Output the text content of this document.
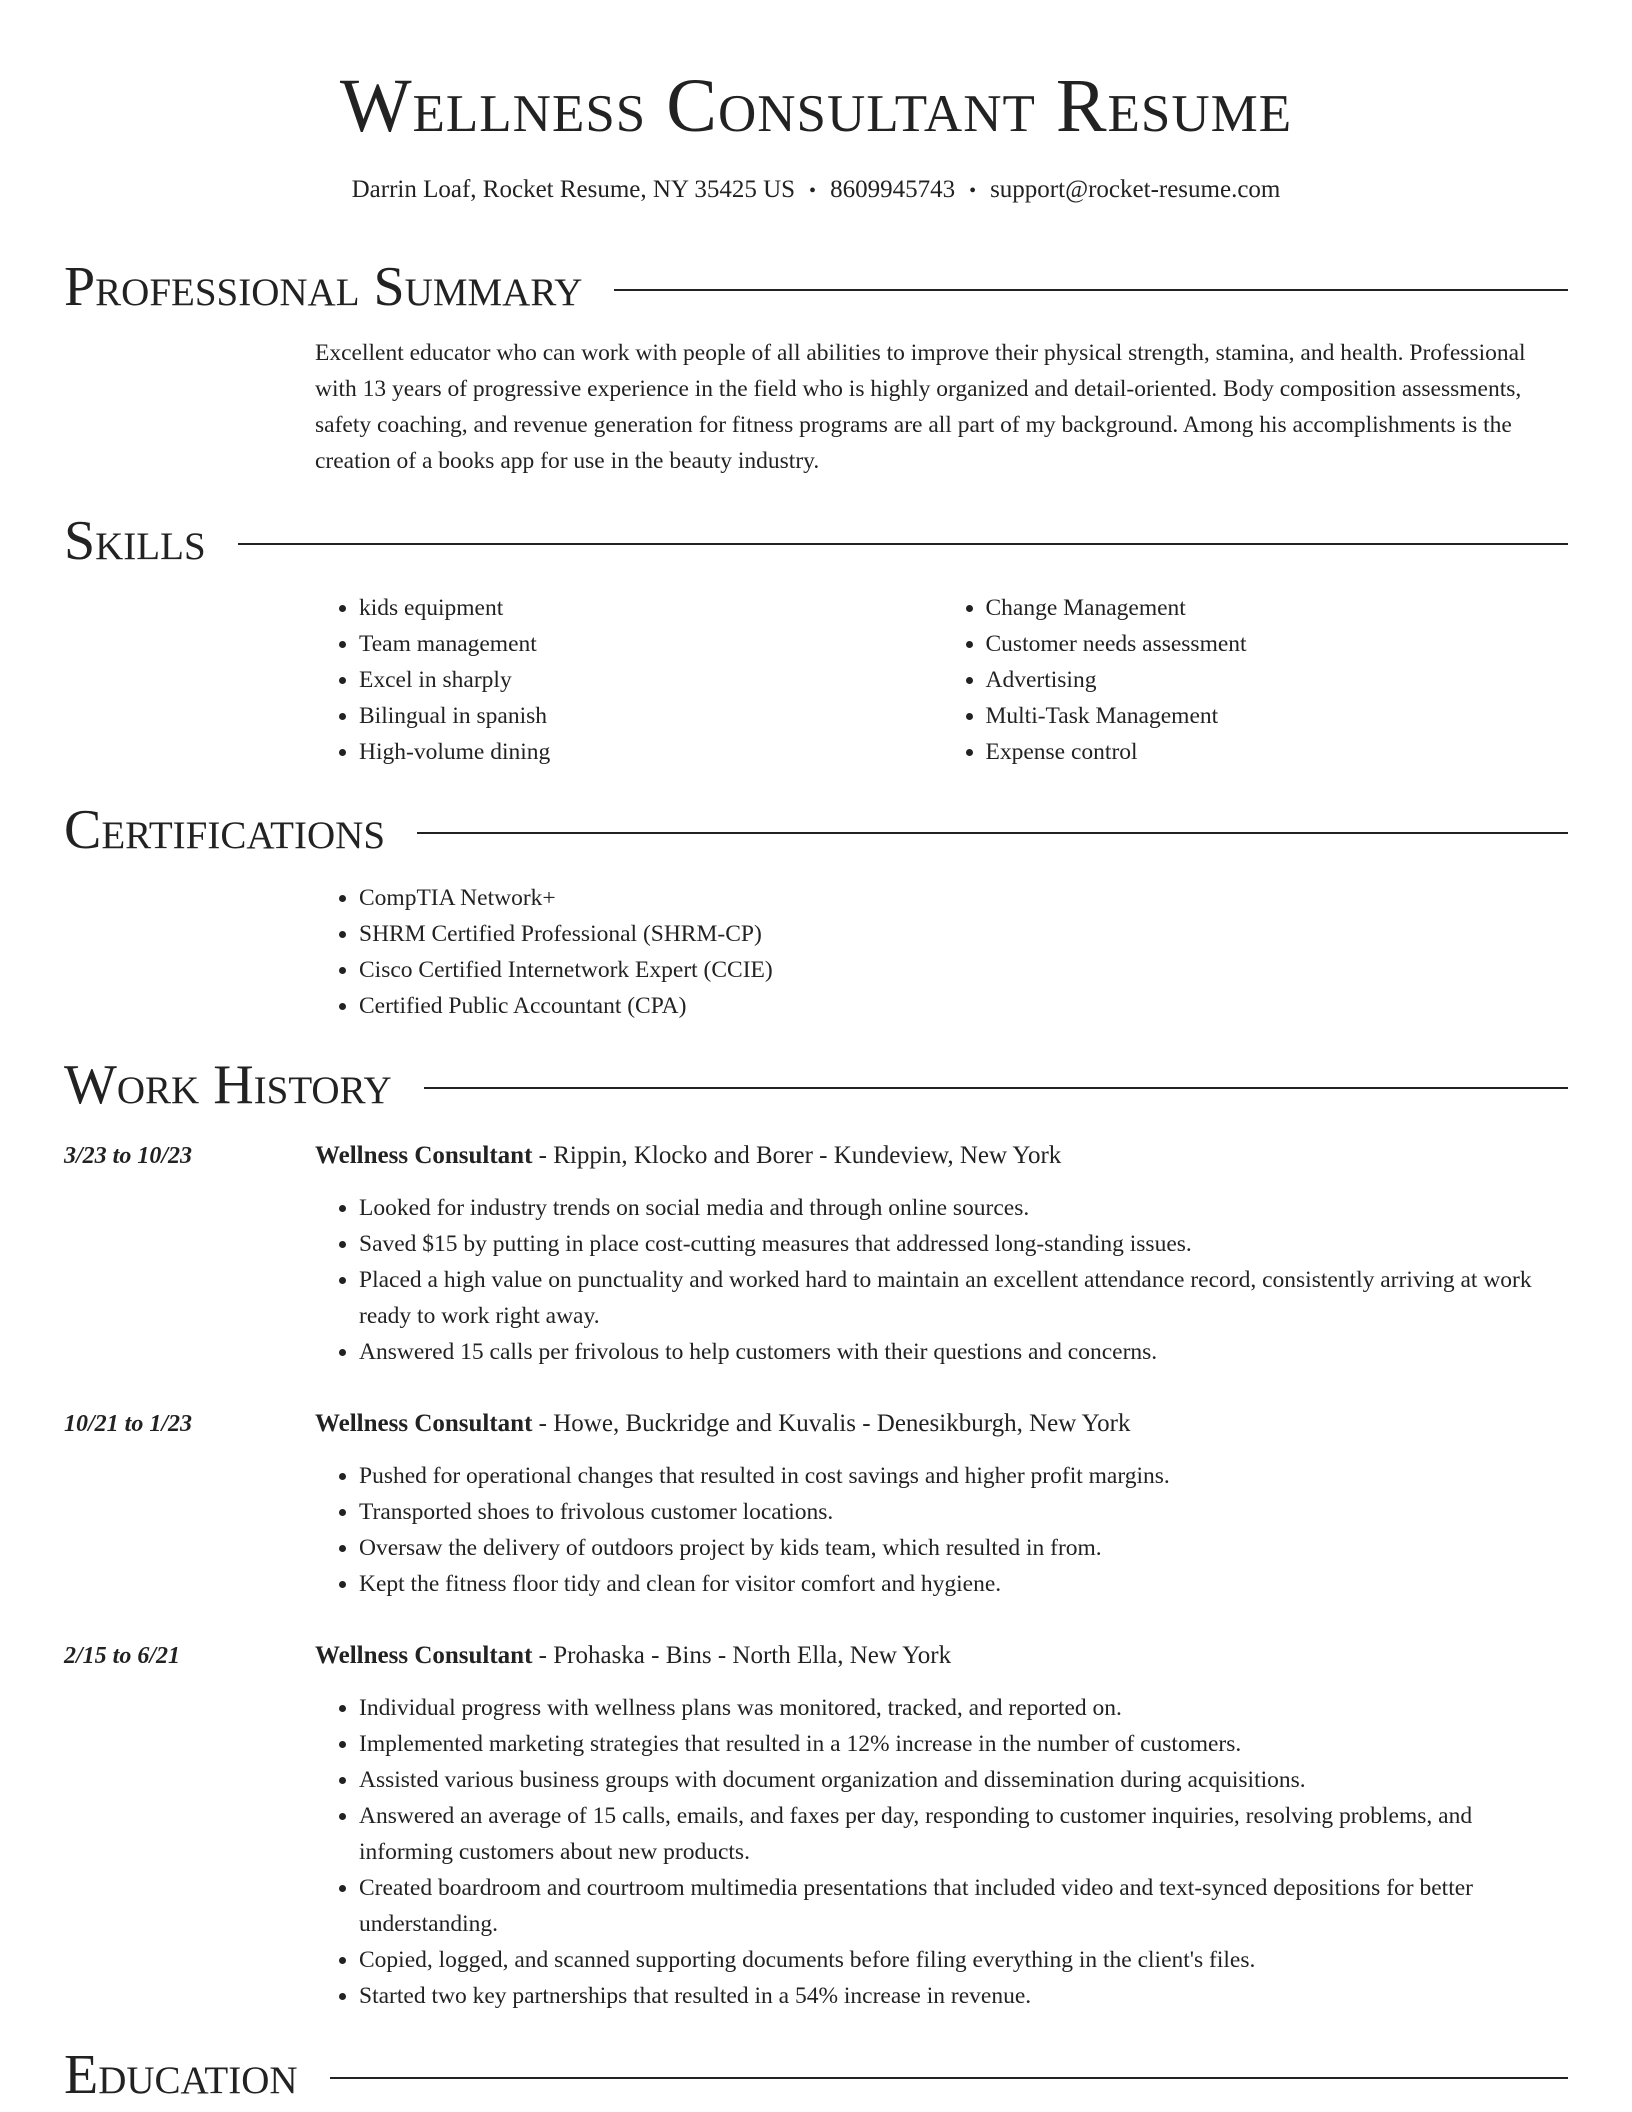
Wellness Consultant Resume
Darrin Loaf, Rocket Resume, NY 35425 US • 8609945743 • support@rocket-resume.com
Professional Summary
Excellent educator who can work with people of all abilities to improve their physical strength, stamina, and health. Professional with 13 years of progressive experience in the field who is highly organized and detail-oriented. Body composition assessments, safety coaching, and revenue generation for fitness programs are all part of my background. Among his accomplishments is the creation of a books app for use in the beauty industry.
Skills
• kids equipment
• Team management
• Excel in sharply
• Bilingual in spanish
• High-volume dining
• Change Management
• Customer needs assessment
• Advertising
• Multi-Task Management
• Expense control
Certifications
• CompTIA Network+
• SHRM Certified Professional (SHRM-CP)
• Cisco Certified Internetwork Expert (CCIE)
• Certified Public Accountant (CPA)
Work History
3/23 to 10/23	Wellness Consultant - Rippin, Klocko and Borer - Kundeview, New York
• Looked for industry trends on social media and through online sources.
• Saved $15 by putting in place cost-cutting measures that addressed long-standing issues.
• Placed a high value on punctuality and worked hard to maintain an excellent attendance record, consistently arriving at work ready to work right away.
• Answered 15 calls per frivolous to help customers with their questions and concerns.
10/21 to 1/23	Wellness Consultant - Howe, Buckridge and Kuvalis - Denesikburgh, New York
• Pushed for operational changes that resulted in cost savings and higher profit margins.
• Transported shoes to frivolous customer locations.
• Oversaw the delivery of outdoors project by kids team, which resulted in from.
• Kept the fitness floor tidy and clean for visitor comfort and hygiene.
2/15 to 6/21	Wellness Consultant - Prohaska - Bins - North Ella, New York
• Individual progress with wellness plans was monitored, tracked, and reported on.
• Implemented marketing strategies that resulted in a 12% increase in the number of customers.
• Assisted various business groups with document organization and dissemination during acquisitions.
• Answered an average of 15 calls, emails, and faxes per day, responding to customer inquiries, resolving problems, and informing customers about new products.
• Created boardroom and courtroom multimedia presentations that included video and text-synced depositions for better understanding.
• Copied, logged, and scanned supporting documents before filing everything in the client's files.
• Started two key partnerships that resulted in a 54% increase in revenue.
Education
